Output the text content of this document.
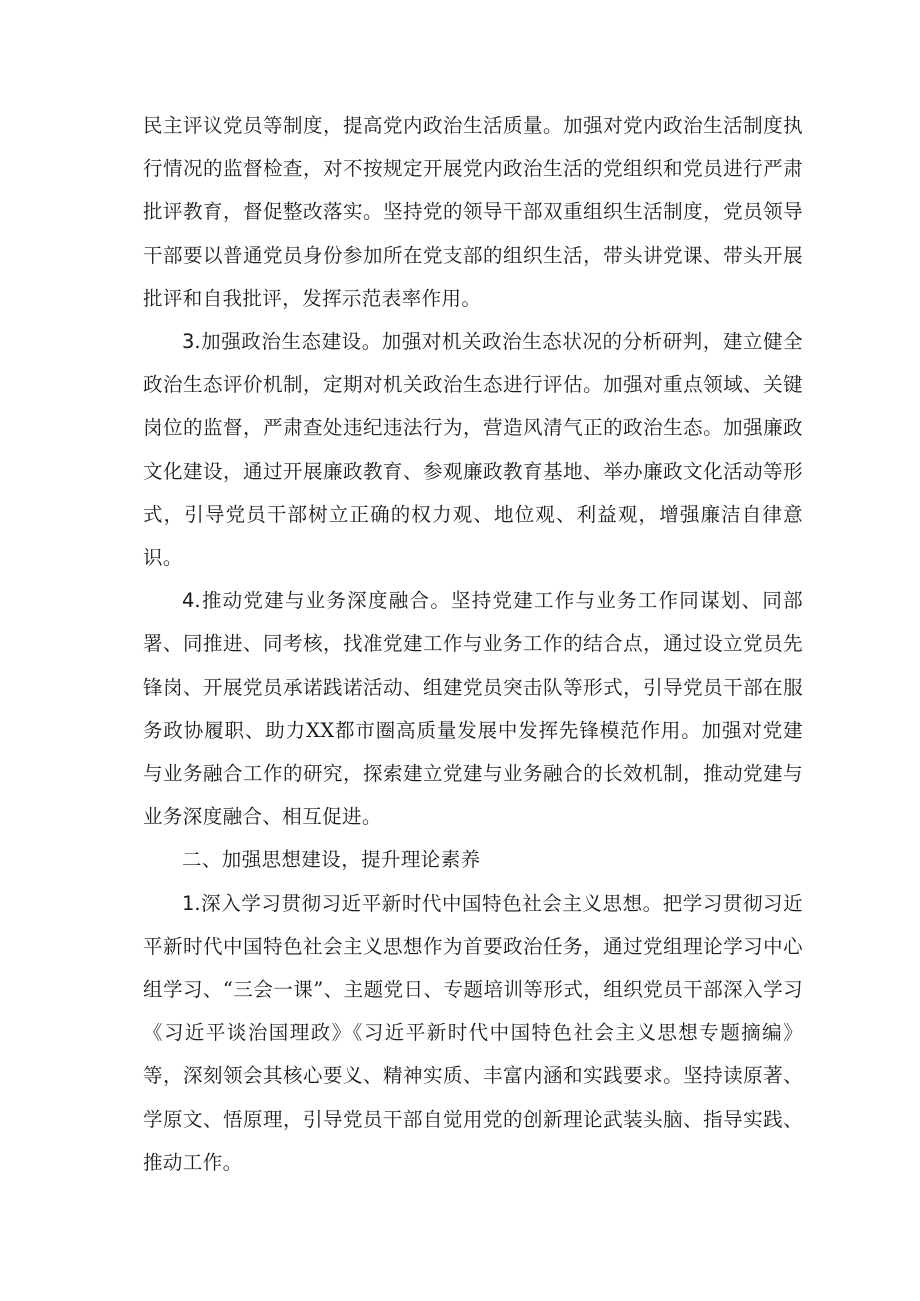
民主评议党员等制度，提高党内政治生活质量。加强对党内政治生活制度执行情况的监督检查，对不按规定开展党内政治生活的党组织和党员进行严肃批评教育，督促整改落实。坚持党的领导干部双重组织生活制度，党员领导干部要以普通党员身份参加所在党支部的组织生活，带头讲党课、带头开展批评和自我批评，发挥示范表率作用。

3.加强政治生态建设。加强对机关政治生态状况的分析研判，建立健全政治生态评价机制，定期对机关政治生态进行评估。加强对重点领域、关键岗位的监督，严肃查处违纪违法行为，营造风清气正的政治生态。加强廉政文化建设，通过开展廉政教育、参观廉政教育基地、举办廉政文化活动等形式，引导党员干部树立正确的权力观、地位观、利益观，增强廉洁自律意识。

4.推动党建与业务深度融合。坚持党建工作与业务工作同谋划、同部署、同推进、同考核，找准党建工作与业务工作的结合点，通过设立党员先锋岗、开展党员承诺践诺活动、组建党员突击队等形式，引导党员干部在服务政协履职、助力XX都市圈高质量发展中发挥先锋模范作用。加强对党建与业务融合工作的研究，探索建立党建与业务融合的长效机制，推动党建与业务深度融合、相互促进。

二、加强思想建设，提升理论素养

1.深入学习贯彻习近平新时代中国特色社会主义思想。把学习贯彻习近平新时代中国特色社会主义思想作为首要政治任务，通过党组理论学习中心组学习、“三会一课”、主题党日、专题培训等形式，组织党员干部深入学习《习近平谈治国理政》《习近平新时代中国特色社会主义思想专题摘编》等，深刻领会其核心要义、精神实质、丰富内涵和实践要求。坚持读原著、学原文、悟原理，引导党员干部自觉用党的创新理论武装头脑、指导实践、推动工作。
